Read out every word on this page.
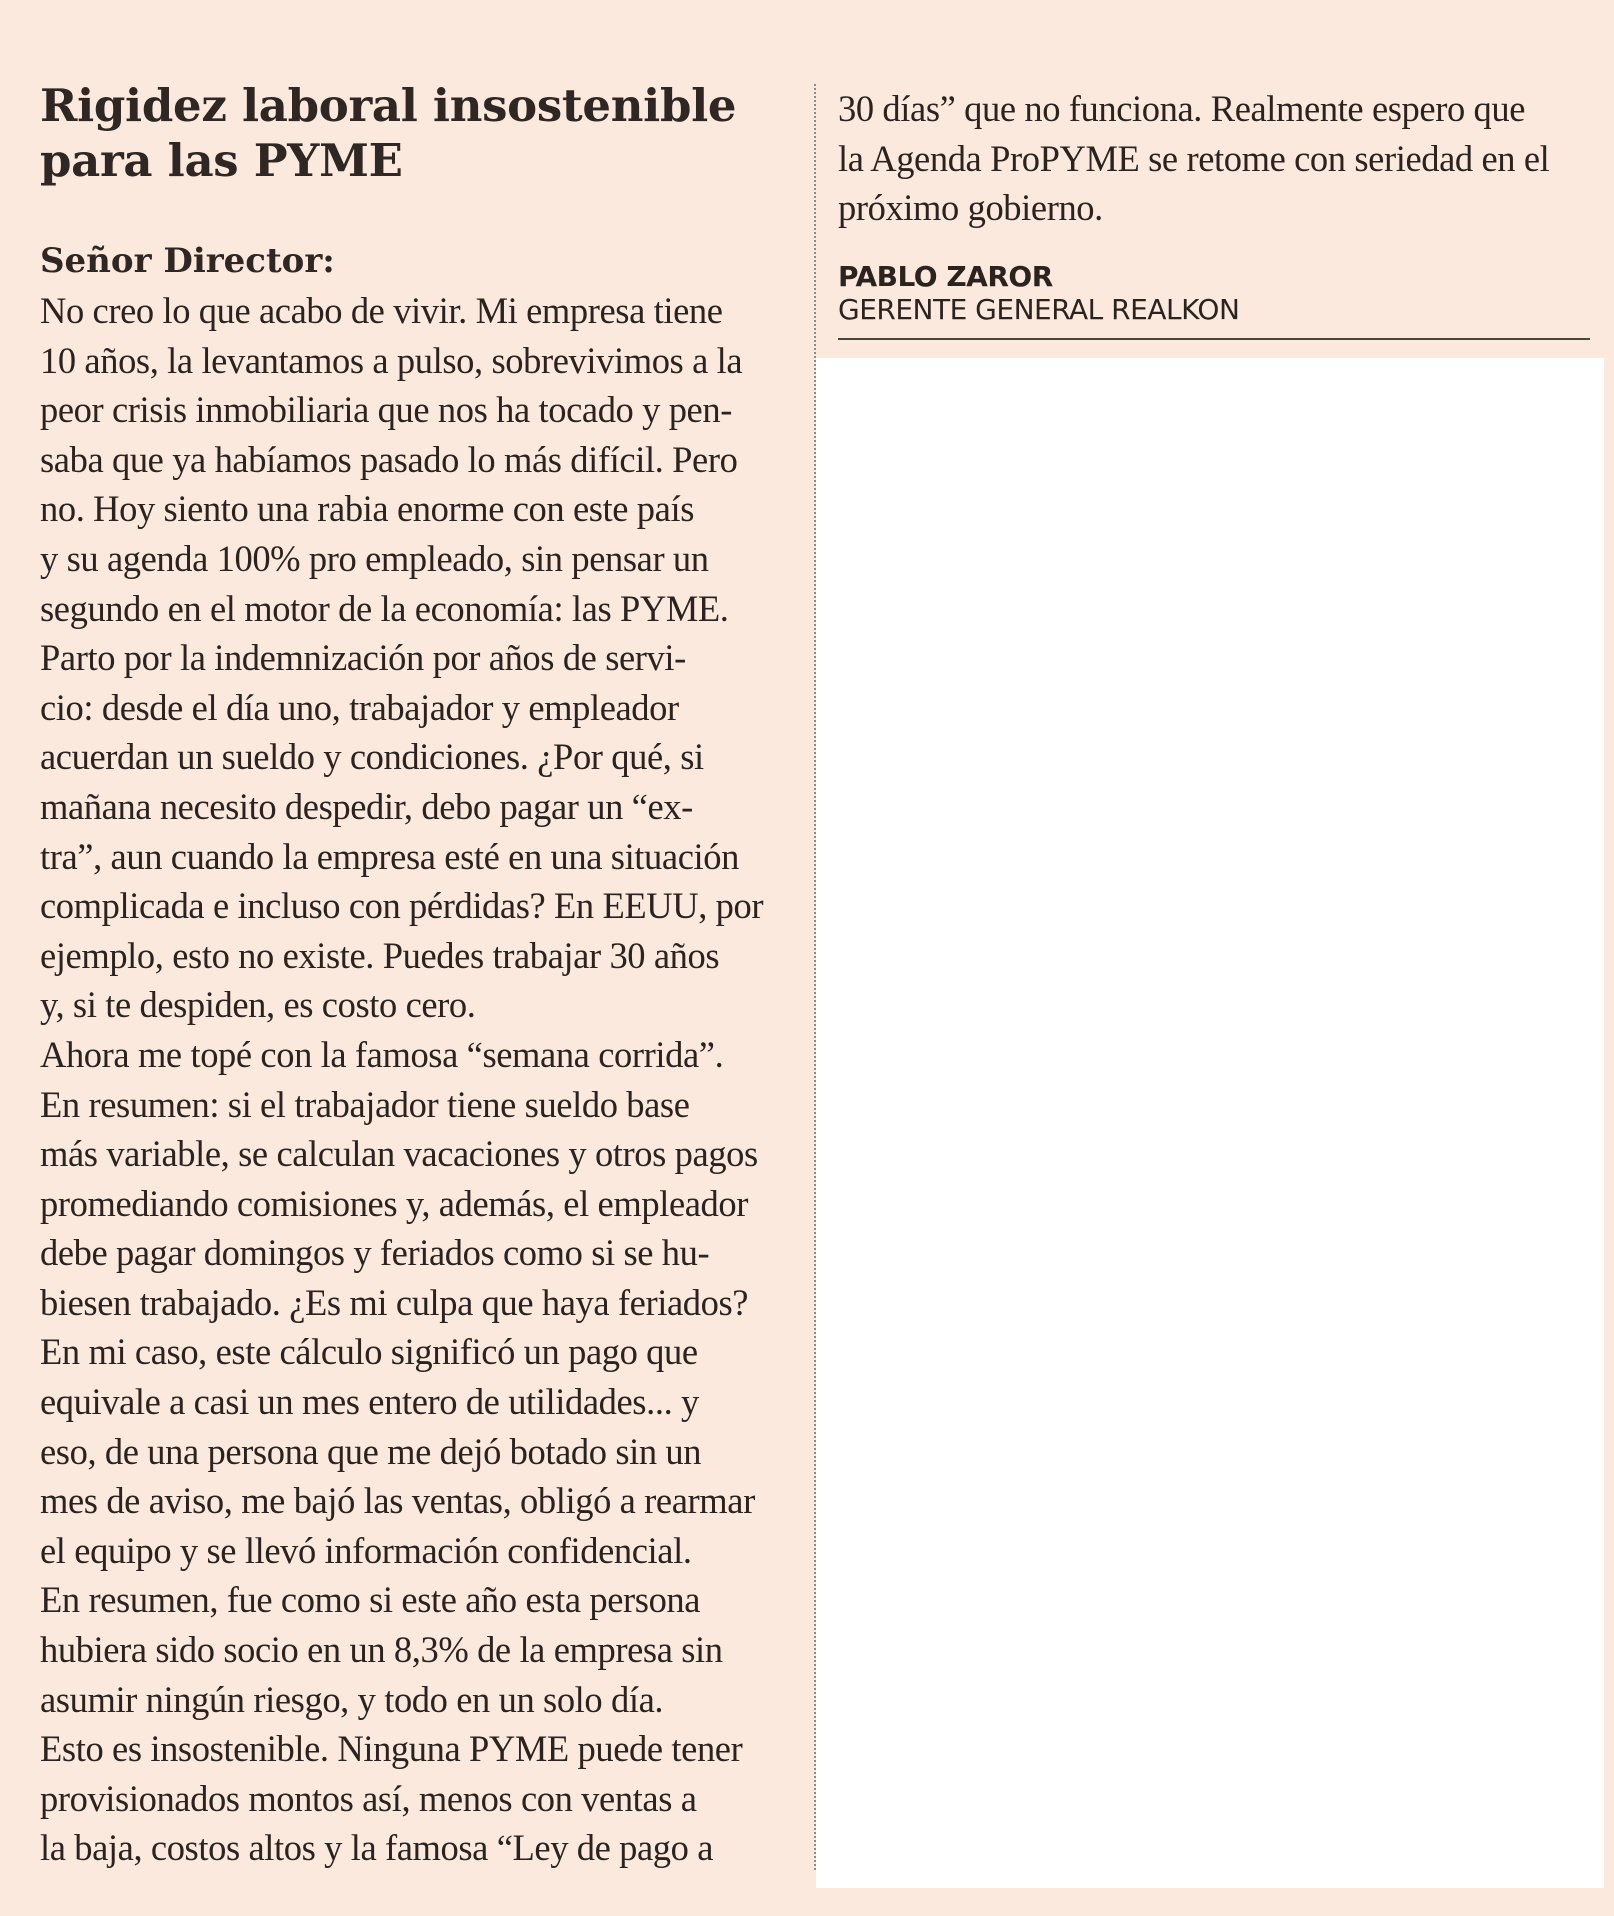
Rigidez laboral insostenible
para las PYME
Señor Director:
No creo lo que acabo de vivir. Mi empresa tiene
10 años, la levantamos a pulso, sobrevivimos a la
peor crisis inmobiliaria que nos ha tocado y pen-
saba que ya habíamos pasado lo más difícil. Pero
no. Hoy siento una rabia enorme con este país
y su agenda 100% pro empleado, sin pensar un
segundo en el motor de la economía: las PYME.
Parto por la indemnización por años de servi-
cio: desde el día uno, trabajador y empleador
acuerdan un sueldo y condiciones. ¿Por qué, si
mañana necesito despedir, debo pagar un “ex-
tra”, aun cuando la empresa esté en una situación
complicada e incluso con pérdidas? En EEUU, por
ejemplo, esto no existe. Puedes trabajar 30 años
y, si te despiden, es costo cero.
Ahora me topé con la famosa “semana corrida”.
En resumen: si el trabajador tiene sueldo base
más variable, se calculan vacaciones y otros pagos
promediando comisiones y, además, el empleador
debe pagar domingos y feriados como si se hu-
biesen trabajado. ¿Es mi culpa que haya feriados?
En mi caso, este cálculo significó un pago que
equivale a casi un mes entero de utilidades... y
eso, de una persona que me dejó botado sin un
mes de aviso, me bajó las ventas, obligó a rearmar
el equipo y se llevó información confidencial.
En resumen, fue como si este año esta persona
hubiera sido socio en un 8,3% de la empresa sin
asumir ningún riesgo, y todo en un solo día.
Esto es insostenible. Ninguna PYME puede tener
provisionados montos así, menos con ventas a
la baja, costos altos y la famosa “Ley de pago a
30 días” que no funciona. Realmente espero que
la Agenda ProPYME se retome con seriedad en el
próximo gobierno.
PABLO ZAROR
GERENTE GENERAL REALKON
